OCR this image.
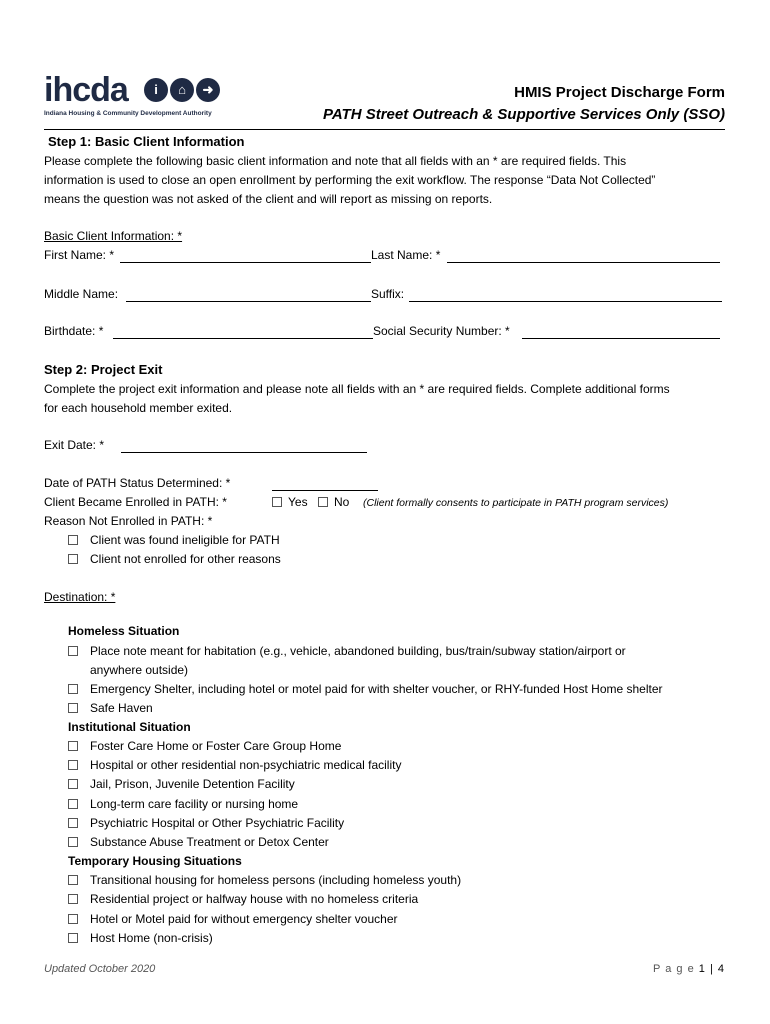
ihcda	i	⌂	➜
Indiana Housing & Community Development Authority
HMIS Project Discharge Form
PATH Street Outreach & Supportive Services Only (SSO)
Step 1: Basic Client Information
Please complete the following basic client information and note that all fields with an * are required fields. This
information is used to close an open enrollment by performing the exit workflow. The response “Data Not Collected”
means the question was not asked of the client and will report as missing on reports.
Basic Client Information: *
First Name: *	Last Name: *
Middle Name:	Suffix:
Birthdate: *	Social Security Number: *
Step 2: Project Exit
Complete the project exit information and please note all fields with an * are required fields. Complete additional forms
for each household member exited.
Exit Date: *
Date of PATH Status Determined: *
Client Became Enrolled in PATH: *	Yes	No (Client formally consents to participate in PATH program services)
Reason Not Enrolled in PATH: *
Client was found ineligible for PATH
Client not enrolled for other reasons
Destination: *
Homeless Situation
Place note meant for habitation (e.g., vehicle, abandoned building, bus/train/subway station/airport or
anywhere outside)
Emergency Shelter, including hotel or motel paid for with shelter voucher, or RHY-funded Host Home shelter
Safe Haven
Institutional Situation
Foster Care Home or Foster Care Group Home
Hospital or other residential non-psychiatric medical facility
Jail, Prison, Juvenile Detention Facility
Long-term care facility or nursing home
Psychiatric Hospital or Other Psychiatric Facility
Substance Abuse Treatment or Detox Center
Temporary Housing Situations
Transitional housing for homeless persons (including homeless youth)
Residential project or halfway house with no homeless criteria
Hotel or Motel paid for without emergency shelter voucher
Host Home (non-crisis)
Updated October 2020	P a g e 1 | 4
